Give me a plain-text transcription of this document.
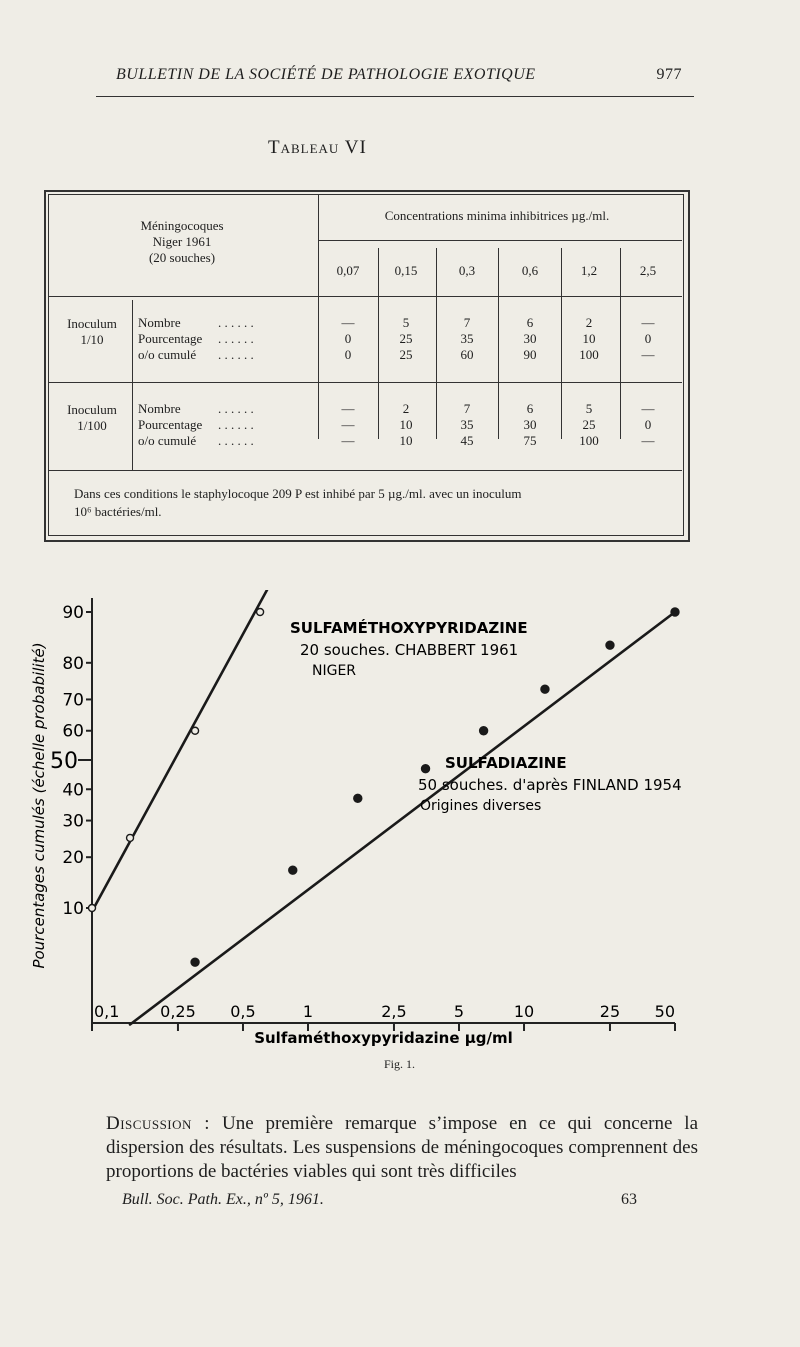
BULLETIN DE LA SOCIÉTÉ DE PATHOLOGIE EXOTIQUE	977
Tableau VI
Méningocoques
Niger 1961
(20 souches)
Concentrations minima inhibitrices µg./ml.
0,07	0,15	0,3	0,6	1,2	2,5
Inoculum
1/10
Nombre	. . . . . .	—	5	7	6	2	—
Pourcentage . . . . . .	0	25	35	30	10	0
o/o cumulé . . . . . .	0	25	60	90	100	—
Inoculum
1/100
Nombre	. . . . . .	—	2	7	6	5	—
Pourcentage . . . . . .	—	10	35	30	25	0
o/o cumulé . . . . . .	—	10	45	75	100	—
Dans ces conditions le staphylocoque 209 P est inhibé par 5 µg./ml. avec un inoculum
10⁶ bactéries/ml.
10
20
30
40
50
60
70
80
90
0,1	0,25 0,5	1	2,5	5	10	25 50
Sulfaméthoxypyridazine µg/ml
Pourcentages cumulés (échelle probabilité)
SULFAMÉTHOXYPYRIDAZINE
20 souches. CHABBERT 1961
NIGER
SULFADIAZINE
50 souches. d'après FINLAND 1954
Origines diverses
Fig. 1.
Discussion : Une première remarque s’impose en ce qui concerne la dispersion des résultats. Les suspensions de méningocoques comprennent des proportions de bactéries viables qui sont très difficiles
Bull. Soc. Path. Ex., nº 5, 1961.	63
